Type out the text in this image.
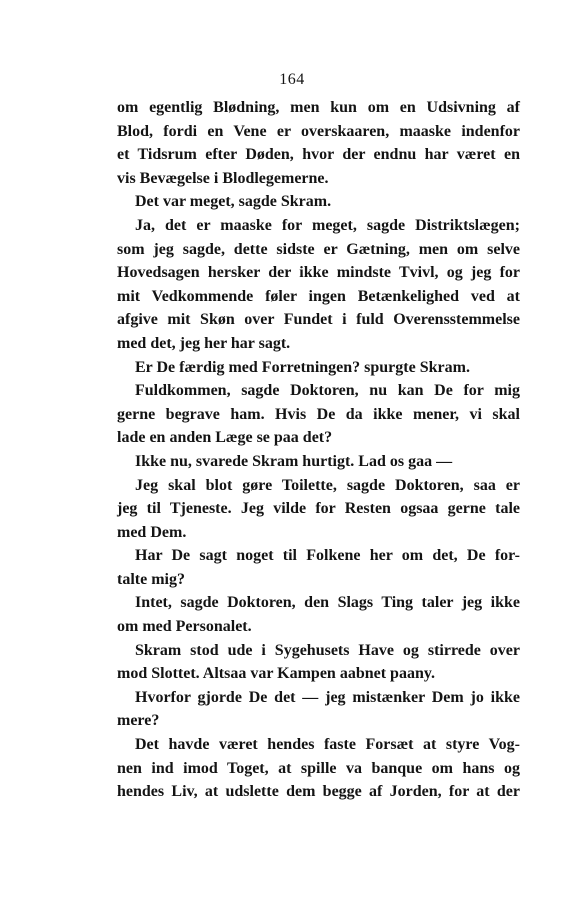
164
om egentlig Blødning, men kun om en Udsivning af
Blod, fordi en Vene er overskaaren, maaske indenfor
et Tidsrum efter Døden, hvor der endnu har været en
vis Bevægelse i Blodlegemerne.
Det var meget, sagde Skram.
Ja, det er maaske for meget, sagde Distriktslægen;
som jeg sagde, dette sidste er Gætning, men om selve
Hovedsagen hersker der ikke mindste Tvivl, og jeg for
mit Vedkommende føler ingen Betænkelighed ved at
afgive mit Skøn over Fundet i fuld Overensstemmelse
med det, jeg her har sagt.
Er De færdig med Forretningen? spurgte Skram.
Fuldkommen, sagde Doktoren, nu kan De for mig
gerne begrave ham. Hvis De da ikke mener, vi skal
lade en anden Læge se paa det?
Ikke nu, svarede Skram hurtigt. Lad os gaa —
Jeg skal blot gøre Toilette, sagde Doktoren, saa er
jeg til Tjeneste. Jeg vilde for Resten ogsaa gerne tale
med Dem.
Har De sagt noget til Folkene her om det, De for-
talte mig?
Intet, sagde Doktoren, den Slags Ting taler jeg ikke
om med Personalet.
Skram stod ude i Sygehusets Have og stirrede over
mod Slottet. Altsaa var Kampen aabnet paany.
Hvorfor gjorde De det — jeg mistænker Dem jo ikke
mere?
Det havde været hendes faste Forsæt at styre Vog-
nen ind imod Toget, at spille va banque om hans og
hendes Liv, at udslette dem begge af Jorden, for at der
